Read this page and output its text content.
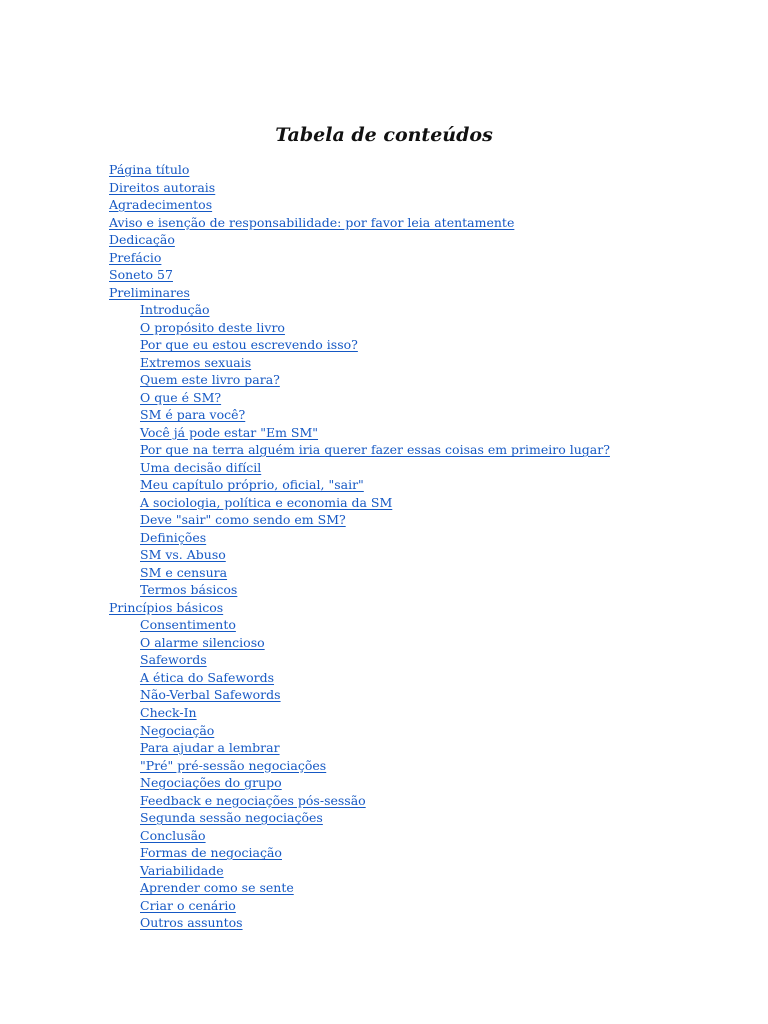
Tabela de conteúdos
Página título
Direitos autorais
Agradecimentos
Aviso e isenção de responsabilidade: por favor leia atentamente
Dedicação
Prefácio
Soneto 57
Preliminares
Introdução
O propósito deste livro
Por que eu estou escrevendo isso?
Extremos sexuais
Quem este livro para?
O que é SM?
SM é para você?
Você já pode estar "Em SM"
Por que na terra alguém iria querer fazer essas coisas em primeiro lugar?
Uma decisão difícil
Meu capítulo próprio, oficial, "sair"
A sociologia, política e economia da SM
Deve "sair" como sendo em SM?
Definições
SM vs. Abuso
SM e censura
Termos básicos
Princípios básicos
Consentimento
O alarme silencioso
Safewords
A ética do Safewords
Não-Verbal Safewords
Check-In
Negociação
Para ajudar a lembrar
"Pré" pré-sessão negociações
Negociações do grupo
Feedback e negociações pós-sessão
Segunda sessão negociações
Conclusão
Formas de negociação
Variabilidade
Aprender como se sente
Criar o cenário
Outros assuntos
